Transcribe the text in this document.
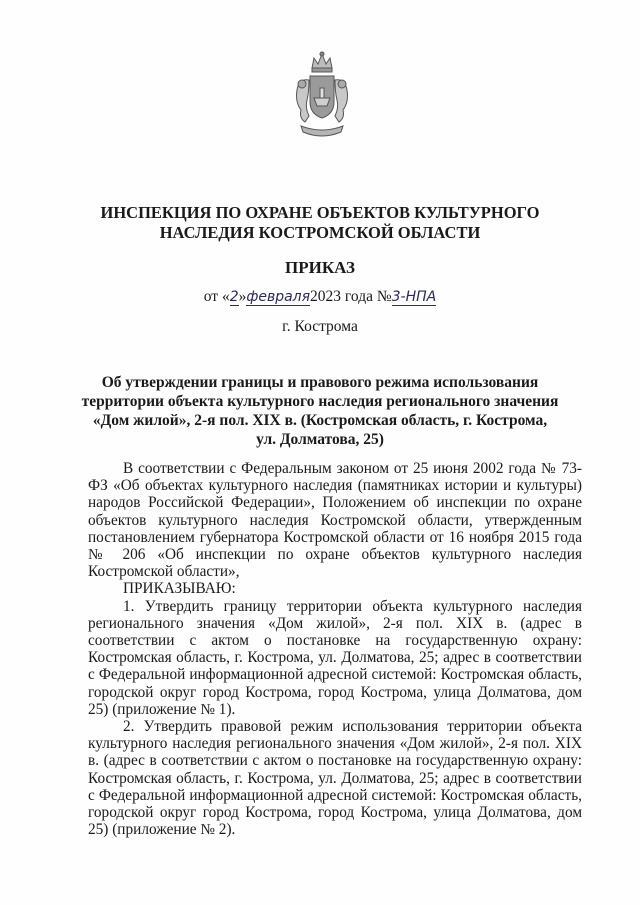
ИНСПЕКЦИЯ ПО ОХРАНЕ ОБЪЕКТОВ КУЛЬТУРНОГО
НАСЛЕДИЯ КОСТРОМСКОЙ ОБЛАСТИ
ПРИКАЗ
от «2»февраля2023 года №3-НПА
г. Кострома
Об утверждении границы и правового режима использования
территории объекта культурного наследия регионального значения
«Дом жилой», 2-я пол. XIX в. (Костромская область, г. Кострома,
ул. Долматова, 25)

В соответствии с Федеральным законом от 25 июня 2002 года № 73-ФЗ «Об объектах культурного наследия (памятниках истории и культуры) народов Российской Федерации», Положением об инспекции по охране объектов культурного наследия Костромской области, утвержденным постановлением губернатора Костромской области от 16 ноября 2015 года № 206 «Об инспекции по охране объектов культурного наследия Костромской области»,

ПРИКАЗЫВАЮ:

1. Утвердить границу территории объекта культурного наследия регионального значения «Дом жилой», 2-я пол. XIX в. (адрес в соответствии с актом о постановке на государственную охрану: Костромская область, г. Кострома, ул. Долматова, 25; адрес в соответствии с Федеральной информационной адресной системой: Костромская область, городской округ город Кострома, город Кострома, улица Долматова, дом 25) (приложение № 1).

2. Утвердить правовой режим использования территории объекта культурного наследия регионального значения «Дом жилой», 2-я пол. XIX в. (адрес в соответствии с актом о постановке на государственную охрану: Костромская область, г. Кострома, ул. Долматова, 25; адрес в соответствии с Федеральной информационной адресной системой: Костромская область, городской округ город Кострома, город Кострома, улица Долматова, дом 25) (приложение № 2).
